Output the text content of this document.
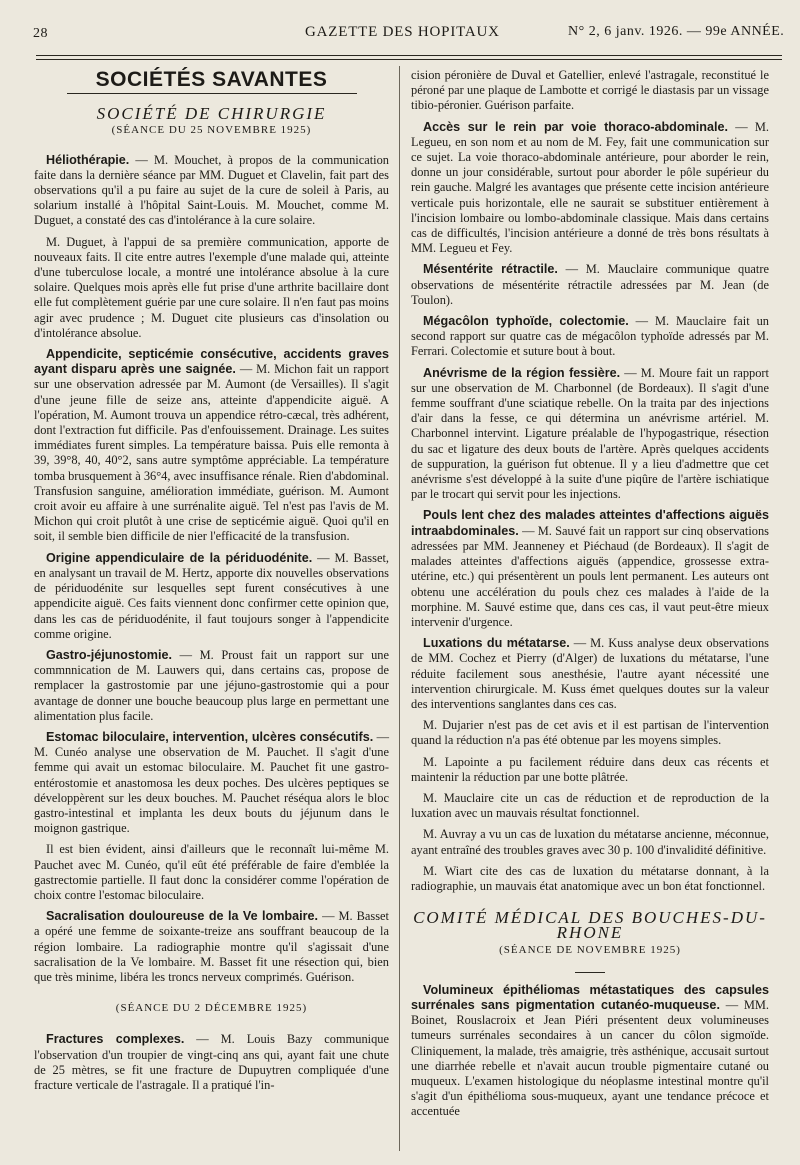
28	GAZETTE DES HOPITAUX	N° 2, 6 janv. 1926. — 99e ANNÉE.
SOCIÉTÉS SAVANTES
SOCIÉTÉ DE CHIRURGIE
(SÉANCE DU 25 NOVEMBRE 1925)

Héliothérapie. — M. Mouchet, à propos de la communication faite dans la dernière séance par MM. Duguet et Clavelin, fait part des observations qu'il a pu faire au sujet de la cure de soleil à Paris, au solarium installé à l'hôpital Saint-Louis. M. Mouchet, comme M. Duguet, a constaté des cas d'intolérance à la cure solaire.

M. Duguet, à l'appui de sa première communication, apporte de nouveaux faits. Il cite entre autres l'exemple d'une malade qui, atteinte d'une tuberculose locale, a montré une intolérance absolue à la cure solaire. Quelques mois après elle fut prise d'une arthrite bacillaire dont elle fut complètement guérie par une cure solaire. Il n'en faut pas moins agir avec prudence ; M. Duguet cite plusieurs cas d'insolation ou d'intolérance absolue.

Appendicite, septicémie consécutive, accidents graves ayant disparu après une saignée. — M. Michon fait un rapport sur une observation adressée par M. Aumont (de Versailles). Il s'agit d'une jeune fille de seize ans, atteinte d'appendicite aiguë. A l'opération, M. Aumont trouva un appendice rétro-cæcal, très adhérent, dont l'extraction fut difficile. Pas d'enfouissement. Drainage. Les suites immédiates furent simples. La température baissa. Puis elle remonta à 39, 39°8, 40, 40°2, sans autre symptôme appréciable. La température tomba brusquement à 36°4, avec insuffisance rénale. Rien d'abdominal. Transfusion sanguine, amélioration immédiate, guérison. M. Aumont croit avoir eu affaire à une surrénalite aiguë. Tel n'est pas l'avis de M. Michon qui croit plutôt à une crise de septicémie aiguë. Quoi qu'il en soit, il semble bien difficile de nier l'efficacité de la transfusion.

Origine appendiculaire de la périduodénite. — M. Basset, en analysant un travail de M. Hertz, apporte dix nouvelles observations de périduodénite sur lesquelles sept furent consécutives à une appendicite aiguë. Ces faits viennent donc confirmer cette opinion que, dans les cas de périduodénite, il faut toujours songer à l'appendicite comme origine.

Gastro-jéjunostomie. — M. Proust fait un rapport sur une commnnication de M. Lauwers qui, dans certains cas, propose de remplacer la gastrostomie par une jéjuno-gastrostomie qui a pour avantage de donner une bouche beaucoup plus large en permettant une alimentation plus facile.

Estomac biloculaire, intervention, ulcères consécutifs. — M. Cunéo analyse une observation de M. Pauchet. Il s'agit d'une femme qui avait un estomac biloculaire. M. Pauchet fit une gastro-entérostomie et anastomosa les deux poches. Des ulcères peptiques se développèrent sur les deux bouches. M. Pauchet réséqua alors le bloc gastro-intestinal et implanta les deux bouts du jéjunum dans le moignon gastrique.

Il est bien évident, ainsi d'ailleurs que le reconnaît lui-même M. Pauchet avec M. Cunéo, qu'il eût été préférable de faire d'emblée la gastrectomie partielle. Il faut donc la considérer comme l'opération de choix contre l'estomac biloculaire.

Sacralisation douloureuse de la Ve lombaire. — M. Basset a opéré une femme de soixante-treize ans souffrant beaucoup de la région lombaire. La radiographie montre qu'il s'agissait d'une sacralisation de la Ve lombaire. M. Basset fit une résection qui, bien que très minime, libéra les troncs nerveux comprimés. Guérison.

(SÉANCE DU 2 DÉCEMBRE 1925)

Fractures complexes. — M. Louis Bazy communique l'observation d'un troupier de vingt-cinq ans qui, ayant fait une chute de 25 mètres, se fit une fracture de Dupuytren compliquée d'une fracture verticale de l'astragale. Il a pratiqué l'in-

cision péronière de Duval et Gatellier, enlevé l'astragale, reconstitué le péroné par une plaque de Lambotte et corrigé le diastasis par un vissage tibio-péronier. Guérison parfaite.

Accès sur le rein par voie thoraco-abdominale. — M. Legueu, en son nom et au nom de M. Fey, fait une communication sur ce sujet. La voie thoraco-abdominale antérieure, pour aborder le rein, donne un jour considérable, surtout pour aborder le pôle supérieur du rein gauche. Malgré les avantages que présente cette incision antérieure verticale puis horizontale, elle ne saurait se substituer entièrement à l'incision lombaire ou lombo-abdominale classique. Mais dans certains cas de difficultés, l'incision antérieure a donné de très bons résultats à MM. Legueu et Fey.

Mésentérite rétractile. — M. Mauclaire communique quatre observations de mésentérite rétractile adressées par M. Jean (de Toulon).

Mégacôlon typhoïde, colectomie. — M. Mauclaire fait un second rapport sur quatre cas de mégacôlon typhoïde adressés par M. Ferrari. Colectomie et suture bout à bout.

Anévrisme de la région fessière. — M. Moure fait un rapport sur une observation de M. Charbonnel (de Bordeaux). Il s'agit d'une femme souffrant d'une sciatique rebelle. On la traita par des injections d'air dans la fesse, ce qui détermina un anévrisme artériel. M. Charbonnel intervint. Ligature préalable de l'hypogastrique, résection du sac et ligature des deux bouts de l'artère. Après quelques accidents de suppuration, la guérison fut obtenue. Il y a lieu d'admettre que cet anévrisme s'est développé à la suite d'une piqûre de l'artère ischiatique par le trocart qui servit pour les injections.

Pouls lent chez des malades atteintes d'affections aiguës intraabdominales. — M. Sauvé fait un rapport sur cinq observations adressées par MM. Jeanneney et Piéchaud (de Bordeaux). Il s'agit de malades atteintes d'affections aiguës (appendice, grossesse extra-utérine, etc.) qui présentèrent un pouls lent permanent. Les auteurs ont obtenu une accélération du pouls chez ces malades à l'aide de la morphine. M. Sauvé estime que, dans ces cas, il vaut peut-être mieux intervenir d'urgence.

Luxations du métatarse. — M. Kuss analyse deux observations de MM. Cochez et Pierry (d'Alger) de luxations du métatarse, l'une réduite facilement sous anesthésie, l'autre ayant nécessité une intervention chirurgicale. M. Kuss émet quelques doutes sur la valeur des interventions sanglantes dans ces cas.

M. Dujarier n'est pas de cet avis et il est partisan de l'intervention quand la réduction n'a pas été obtenue par les moyens simples.

M. Lapointe a pu facilement réduire dans deux cas récents et maintenir la réduction par une botte plâtrée.

M. Mauclaire cite un cas de réduction et de reproduction de la luxation avec un mauvais résultat fonctionnel.

M. Auvray a vu un cas de luxation du métatarse ancienne, méconnue, ayant entraîné des troubles graves avec 30 p. 100 d'invalidité définitive.

M. Wiart cite des cas de luxation du métatarse donnant, à la radiographie, un mauvais état anatomique avec un bon état fonctionnel.

COMITÉ MÉDICAL DES BOUCHES-DU-RHONE
(SÉANCE DE NOVEMBRE 1925)

Volumineux épithéliomas métastatiques des capsules surrénales sans pigmentation cutanéo-muqueuse. — MM. Boinet, Rouslacroix et Jean Piéri présentent deux volumineuses tumeurs surrénales secondaires à un cancer du côlon sigmoïde. Cliniquement, la malade, très amaigrie, très asthénique, accusait surtout une diarrhée rebelle et n'avait aucun trouble pigmentaire cutané ou muqueux. L'examen histologique du néoplasme intestinal montre qu'il s'agit d'un épithélioma sous-muqueux, ayant une tendance précoce et accentuée
